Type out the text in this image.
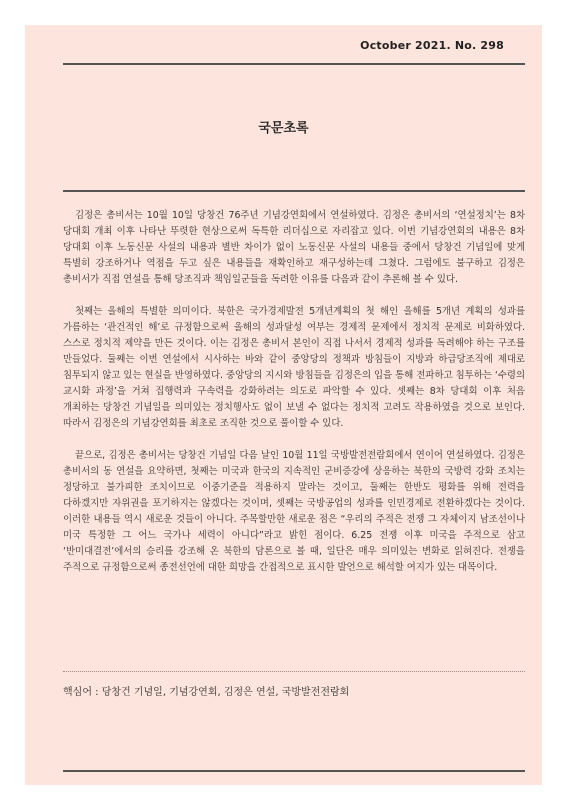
October 2021. No. 298
국문초록

김정은 총비서는 10월 10일 당창건 76주년 기념강연회에서 연설하였다. 김정은 총비서의 ‘연설정치’는 8차 당대회 개최 이후 나타난 뚜렷한 현상으로써 독특한 리더십으로 자리잡고 있다. 이번 기념강연회의 내용은 8차 당대회 이후 노동신문 사설의 내용과 별반 차이가 없이 노동신문 사설의 내용들 중에서 당창건 기념일에 맞게 특별히 강조하거나 역점을 두고 싶은 내용들을 재확인하고 재구성하는데 그쳤다. 그럼에도 불구하고 김정은 총비서가 직접 연설을 통해 당조직과 책임일군들을 독려한 이유를 다음과 같이 추론해 볼 수 있다.

첫째는 올해의 특별한 의미이다. 북한은 국가경제발전 5개년계획의 첫 해인 올해를 5개년 계획의 성과를 가름하는 ‘관건적인 해’로 규정함으로써 올해의 성과달성 여부는 경제적 문제에서 정치적 문제로 비화하였다. 스스로 정치적 제약을 만든 것이다. 이는 김정은 총비서 본인이 직접 나서서 경제적 성과를 독려해야 하는 구조를 만들었다. 둘째는 이번 연설에서 시사하는 바와 같이 중앙당의 정책과 방침들이 지방과 하급당조직에 제대로 침투되지 않고 있는 현실을 반영하였다. 중앙당의 지시와 방침들을 김정은의 입을 통해 전파하고 침투하는 ‘수령의 교시화 과정’을 거쳐 집행력과 구속력을 강화하려는 의도로 파악할 수 있다. 셋째는 8차 당대회 이후 처음 개최하는 당창건 기념일을 의미있는 정치행사도 없이 보낼 수 없다는 정치적 고려도 작용하였을 것으로 보인다. 따라서 김정은의 기념강연회를 최초로 조직한 것으로 풀이할 수 있다.

끝으로, 김정은 총비서는 당창건 기념일 다음 날인 10월 11일 국방발전전람회에서 연이어 연설하였다. 김정은 총비서의 동 연설을 요약하면, 첫째는 미국과 한국의 지속적인 군비증강에 상응하는 북한의 국방력 강화 조치는 정당하고 불가피한 조치이므로 이중기준을 적용하지 말라는 것이고, 둘째는 한반도 평화를 위해 전력을 다하겠지만 자위권을 포기하지는 않겠다는 것이며, 셋째는 국방공업의 성과를 인민경제로 전환하겠다는 것이다. 이러한 내용들 역시 새로운 것들이 아니다. 주목할만한 새로운 점은 “우리의 주적은 전쟁 그 자체이지 남조선이나 미국 특정한 그 어느 국가나 세력이 아니다”라고 밝힌 점이다. 6.25 전쟁 이후 미국을 주적으로 삼고 ‘반미대결전’에서의 승리를 강조해 온 북한의 담론으로 볼 때, 일단은 매우 의미있는 변화로 읽혀진다. 전쟁을 주적으로 규정함으로써 종전선언에 대한 희망을 간접적으로 표시한 발언으로 해석할 여지가 있는 대목이다.

핵심어 : 당창건 기념일, 기념강연회, 김정은 연설, 국방발전전람회
